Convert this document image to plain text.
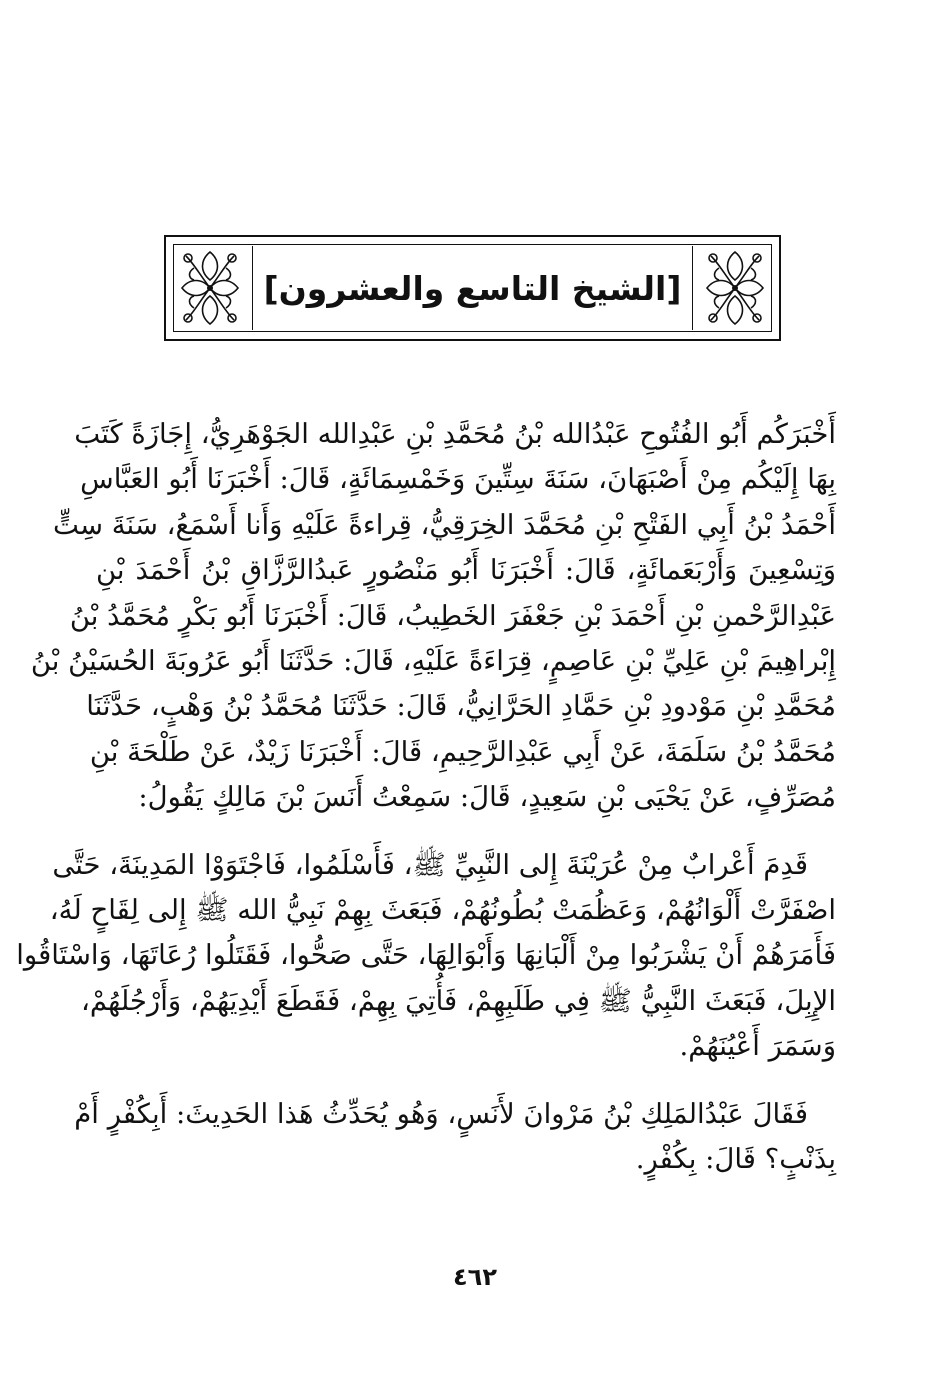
[الشيخ التاسع والعشرون]
أَخْبَرَكُم أَبُو الفُتُوحِ عَبْدُالله بْنُ مُحَمَّدِ بْنِ عَبْدِالله الجَوْهَرِيُّ، إِجَازَةً كَتَبَ
بِهَا إِلَيْكُم مِنْ أَصْبَهَانَ، سَنَةَ سِتِّينَ وَخَمْسِمَائَةٍ، قَالَ: أَخْبَرَنَا أَبُو العَبَّاسِ
أَحْمَدُ بْنُ أَبِي الفَتْحِ بْنِ مُحَمَّدَ الخِرَقِيُّ، قِراءةً عَلَيْهِ وَأَنا أَسْمَعُ، سَنَةَ سِتٍّ
وَتِسْعِينَ وَأَرْبَعَمائَةٍ، قَالَ: أَخْبَرَنَا أَبُو مَنْصُورٍ عَبدُالرَّزَّاقِ بْنُ أَحْمَدَ بْنِ
عَبْدِالرَّحْمنِ بْنِ أَحْمَدَ بْنِ جَعْفَرَ الخَطِيبُ، قَالَ: أَخْبَرَنَا أَبُو بَكْرٍ مُحَمَّدُ بْنُ
إِبْراهِيمَ بْنِ عَلِيِّ بْنِ عَاصِمٍ، قِرَاءَةً عَلَيْهِ، قَالَ: حَدَّثَنَا أَبُو عَرُوبَةَ الحُسَيْنُ بْنُ
مُحَمَّدِ بْنِ مَوْدودِ بْنِ حَمَّادِ الحَرَّانِيُّ، قَالَ: حَدَّثَنَا مُحَمَّدُ بْنُ وَهْبٍ، حَدَّثَنَا
مُحَمَّدُ بْنُ سَلَمَةَ، عَنْ أَبِي عَبْدِالرَّحِيمِ، قَالَ: أَخْبَرَنَا زَيْدٌ، عَنْ طَلْحَةَ بْنِ
مُصَرِّفٍ، عَنْ يَحْيَى بْنِ سَعِيدٍ، قَالَ: سَمِعْتُ أَنَسَ بْنَ مَالِكٍ يَقُولُ:
قَدِمَ أَعْرابٌ مِنْ عُرَيْنَةَ إِلى النَّبِيِّ ﷺ، فَأَسْلَمُوا، فَاجْتَوَوْا المَدِينَةَ، حَتَّى
اصْفَرَّتْ أَلْوَانُهُمْ، وَعَظُمَتْ بُطُونُهُمْ، فَبَعَثَ بِهِمْ نَبِيُّ الله ﷺ إِلى لِقَاحٍ لَهُ،
فَأَمَرَهُمْ أَنْ يَشْرَبُوا مِنْ أَلْبَانِهَا وَأَبْوَالِهَا، حَتَّى صَحُّوا، فَقَتَلُوا رُعَاتَهَا، وَاسْتَاقُوا
الإِبِلَ، فَبَعَثَ النَّبِيُّ ﷺ فِي طَلَبِهِمْ، فَأُتِيَ بِهِمْ، فَقَطَعَ أَيْدِيَهُمْ، وَأَرْجُلَهُمْ،
وَسَمَرَ أَعْيُنَهُمْ.
فَقَالَ عَبْدُالمَلِكِ بْنُ مَرْوانَ لأَنَسٍ، وَهُو يُحَدِّثُ هَذا الحَدِيثَ: أَبِكُفْرٍ أَمْ
بِذَنْبٍ؟ قَالَ: بِكُفْرٍ.
٤٦٢
